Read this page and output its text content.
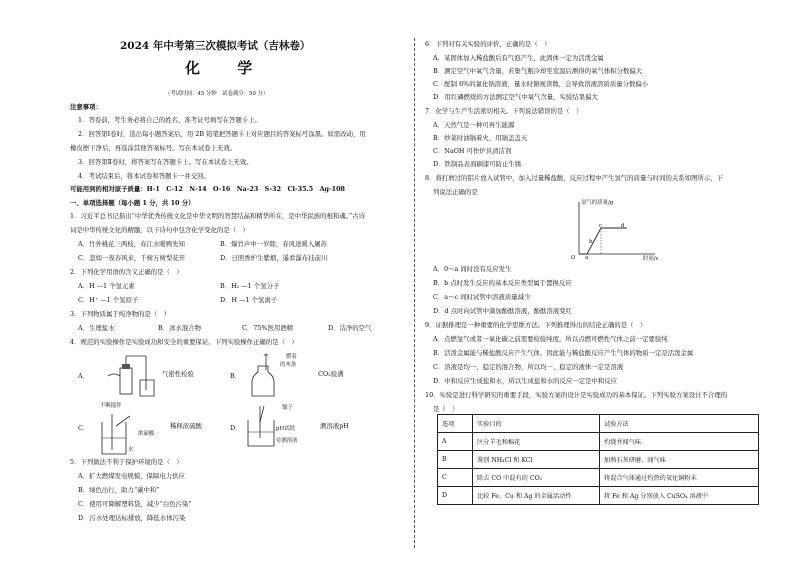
2024 年中考第三次模拟考试（吉林卷）
化 学
（考试时间：45 分钟　试卷满分：50 分）
注意事项：
1．答卷前，考生务必将自己的姓名、准考证号填写在答题卡上。
2．回答第Ⅰ卷时，选出每小题答案后，用 2B 铅笔把答题卡上对应题目的答案标号涂黑。如需改动，用
橡皮擦干净后，再选涂其他答案标号。写在本试卷上无效。
3．回答第Ⅱ卷时，将答案写在答题卡上。写在本试卷上无效。
4．考试结束后，将本试卷和答题卡一并交回。
可能用到的相对原子质量：H-1　C-12　N-14　O-16　Na-23　S-32　Cl-35.5　Ag-108
一、单项选择题（每小题 1 分，共 10 分）
1．习近平总书记指出“中华优秀传统文化是中华文明的智慧结晶和精华所在，是中华民族的根和魂。”古诗
词是中华传统文化的精髓，以下诗句中包含化学变化的是（　）
A．竹外桃花三两枝，春江水暖鸭先知	B．爆竹声中一岁除，春风送暖入屠苏
C．忽如一夜春风来，千树万树梨花开	D．日照香炉生紫烟，遥看瀑布挂前川
2．下列化学用语的含义正确的是（　）
A．H —1 个氢元素	B．H₂ —1 个氢分子
C．H⁺ —1 个氢原子	D．H —1 个氢离子
3．下列物质属于纯净物的是（　）
A．生理盐水	B．冰水混合物	C．75%医用酒精	D．洁净的空气
4．规范的实验操作是实验成功和安全的重要保证。下列实验操作正确的是（　）
A．	气密性检验	B．
燃着
的木条
CO₂验满
C．
不断搅拌
浓硫酸
水
稀释浓硫酸	D．
镊子
pH试纸
待测溶液
测溶液pH
5．下列做法不利于保护环境的是（　）
A．扩大燃煤发电规模，保障电力供应
B．绿色出行，助力“碳中和”
C．使用可降解塑料袋，减少“白色污染”
D．污水处理达标排放，降低水体污染
6．下列对有关实验的评价，正确的是（　）
A．某固体加入稀盐酸后有气泡产生，此固体一定为活泼金属
B．测定空气中氧气含量，若集气瓶冷却至室温后测得的氧气体积分数偏大
C．配制 6%的氯化钠溶液，量水时俯视读数，会导致溶液溶质质量分数偏小
D．用红磷燃烧的方法测定空气中氧气含量，实验结果偏大
7．化学与生产生活密切相关。下列说法错误的是（　）
A．天然气是一种可再生能源
B．炒菜时油锅着火，用锅盖盖灭
C．NaOH 可作炉具清洁剂
D．铁制品表面刷漆可防止生锈
8．将打磨过的铝片放入试管中，加入过量稀盐酸，反应过程中产生氢气的质量与时间的关系如图所示，下
列说法正确的是
氢气的质量/g
时间/s
O a
b
c	d
A．0～a 间时没有反应发生
B．b 点时发生反应的基本反应类型属于置换反应
C．a～c 间时试管中溶液质量减少
D．d 点时向试管中滴加酚酞溶液，酚酞溶液变红
9．证据推理是一种重要的化学思维方法。下列推理得出的结论正确的是（　）
A．点燃氢气或者一氧化碳之前需要检验纯度，所以点燃可燃性气体之前一定要验纯
B．活泼金属能与稀盐酸反应产生气体，因此能与稀盐酸反应产生气体的物质一定是活泼金属
C．溶液是均一、稳定的混合物，所以均一、稳定的液体一定是溶液
D．中和反应生成盐和水，所以生成盐和水的反应一定是中和反应
10．实验是进行科学研究的重要手段，实验方案的设计是实验成功的基本保证。下列实验方案设计不合理的
是（　）
选项	实验目的	试验方法
A	区分羊毛和棉花	灼烧并闻气味
B	鉴别 NH₄Cl 和 KCl	加熟石灰研磨，闻气味
C	除去 CO 中混有的 CO₂	将混合气体通过灼热的氧化铜粉末
D	比较 Fe、Cu 和 Ag 的金属活动性	将 Fe 和 Ag 分别放入 CuSO₄ 溶液中
